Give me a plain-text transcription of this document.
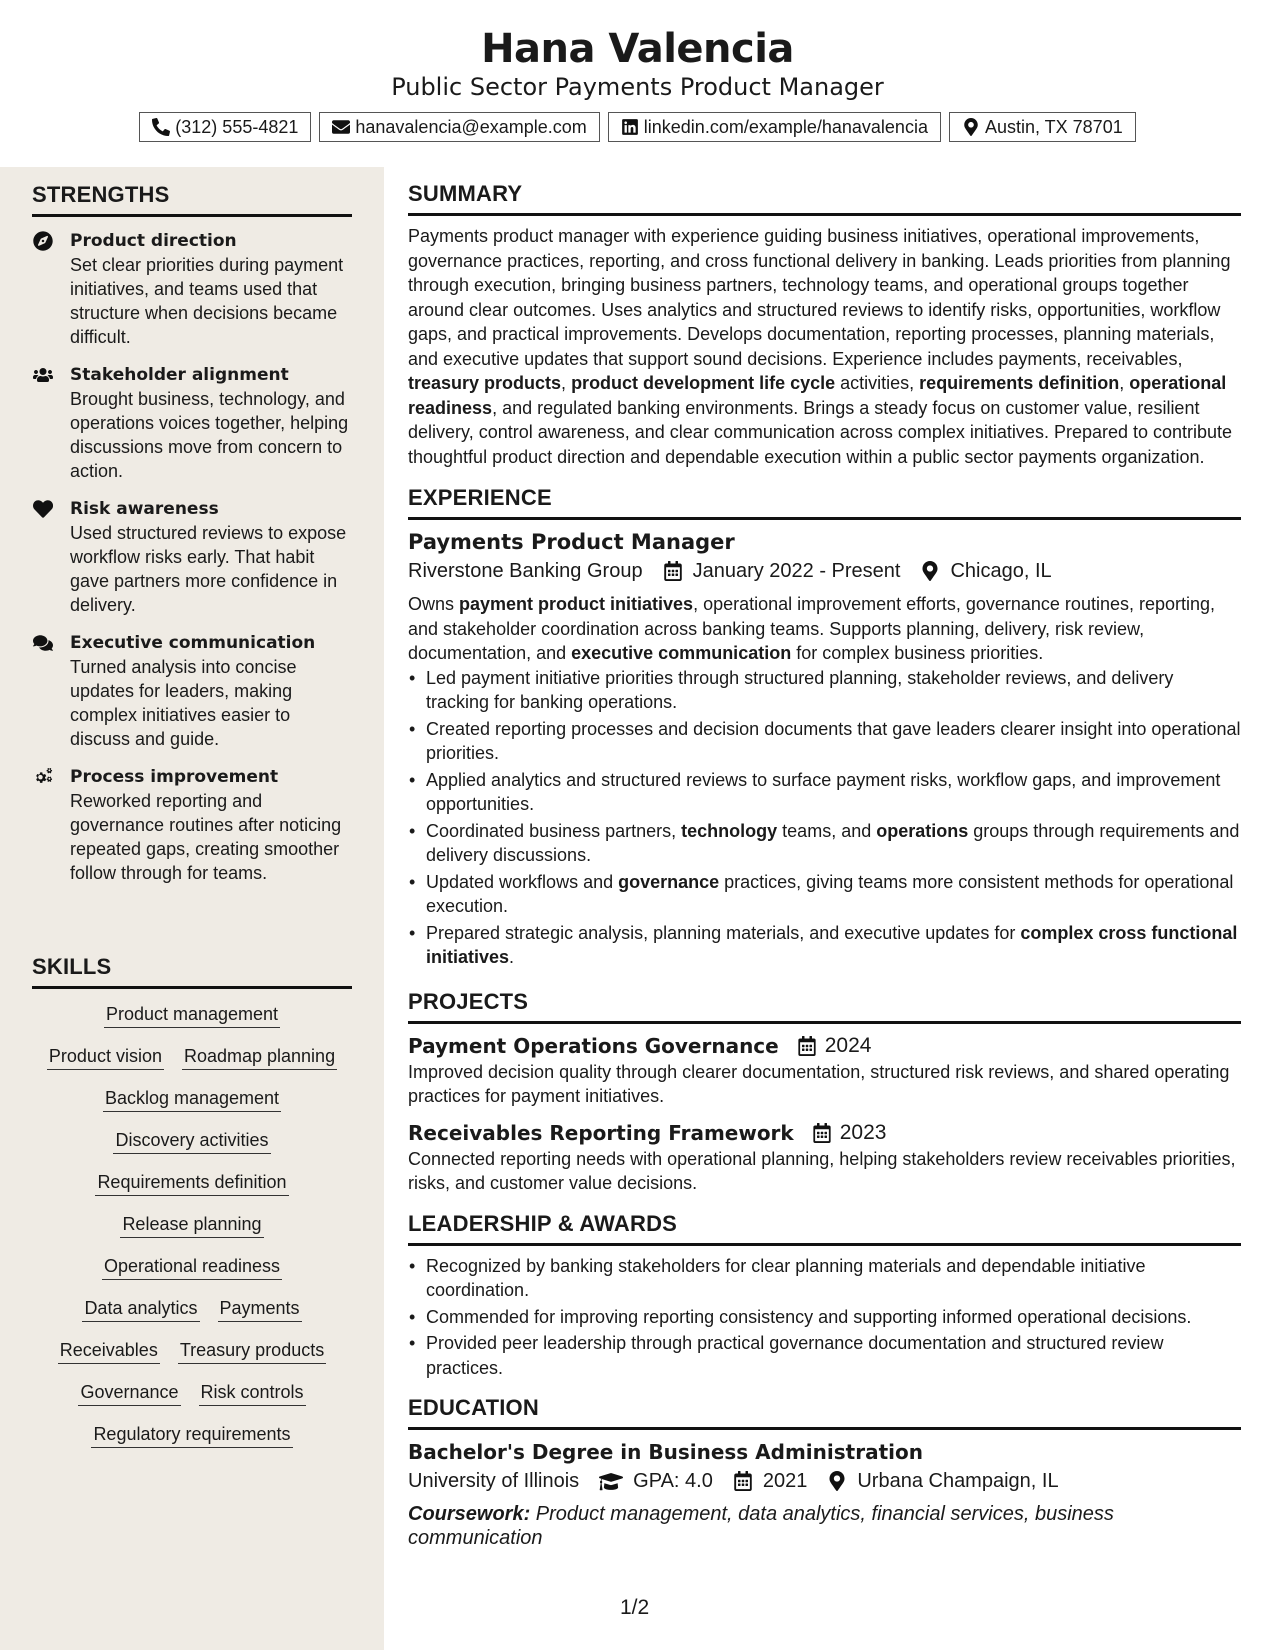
Hana Valencia
Public Sector Payments Product Manager
(312) 555-4821	hanavalencia@example.com	linkedin.com/example/hanavalencia	Austin, TX 78701
STRENGTHS
Product direction
Set clear priorities during payment initiatives, and teams used that structure when decisions became difficult.
Stakeholder alignment
Brought business, technology, and operations voices together, helping discussions move from concern to action.
Risk awareness
Used structured reviews to expose workflow risks early. That habit gave partners more confidence in delivery.
Executive communication
Turned analysis into concise updates for leaders, making complex initiatives easier to discuss and guide.
Process improvement
Reworked reporting and governance routines after noticing repeated gaps, creating smoother follow through for teams.
SKILLS
Product management
Product vision Roadmap planning
Backlog management
Discovery activities
Requirements definition
Release planning
Operational readiness
Data analytics Payments
Receivables Treasury products
Governance Risk controls
Regulatory requirements
SUMMARY
Payments product manager with experience guiding business initiatives, operational improvements, governance practices, reporting, and cross functional delivery in banking. Leads priorities from planning through execution, bringing business partners, technology teams, and operational groups together around clear outcomes. Uses analytics and structured reviews to identify risks, opportunities, workflow gaps, and practical improvements. Develops documentation, reporting processes, planning materials, and executive updates that support sound decisions. Experience includes payments, receivables, treasury products, product development life cycle activities, requirements definition, operational readiness, and regulated banking environments. Brings a steady focus on customer value, resilient delivery, control awareness, and clear communication across complex initiatives. Prepared to contribute thoughtful product direction and dependable execution within a public sector payments organization.
EXPERIENCE
Payments Product Manager
Riverstone Banking Group	January 2022 - Present	Chicago, IL
Owns payment product initiatives, operational improvement efforts, governance routines, reporting, and stakeholder coordination across banking teams. Supports planning, delivery, risk review, documentation, and executive communication for complex business priorities.
• Led payment initiative priorities through structured planning, stakeholder reviews, and delivery tracking for banking operations.
• Created reporting processes and decision documents that gave leaders clearer insight into operational priorities.
• Applied analytics and structured reviews to surface payment risks, workflow gaps, and improvement opportunities.
• Coordinated business partners, technology teams, and operations groups through requirements and delivery discussions.
• Updated workflows and governance practices, giving teams more consistent methods for operational execution.
• Prepared strategic analysis, planning materials, and executive updates for complex cross functional initiatives.
PROJECTS
Payment Operations Governance 2024
Improved decision quality through clearer documentation, structured risk reviews, and shared operating practices for payment initiatives.
Receivables Reporting Framework 2023
Connected reporting needs with operational planning, helping stakeholders review receivables priorities, risks, and customer value decisions.
LEADERSHIP & AWARDS
• Recognized by banking stakeholders for clear planning materials and dependable initiative coordination.
• Commended for improving reporting consistency and supporting informed operational decisions.
• Provided peer leadership through practical governance documentation and structured review practices.
EDUCATION
Bachelor's Degree in Business Administration
University of Illinois	GPA: 4.0	2021	Urbana Champaign, IL
Coursework: Product management, data analytics, financial services, business communication
1/2
